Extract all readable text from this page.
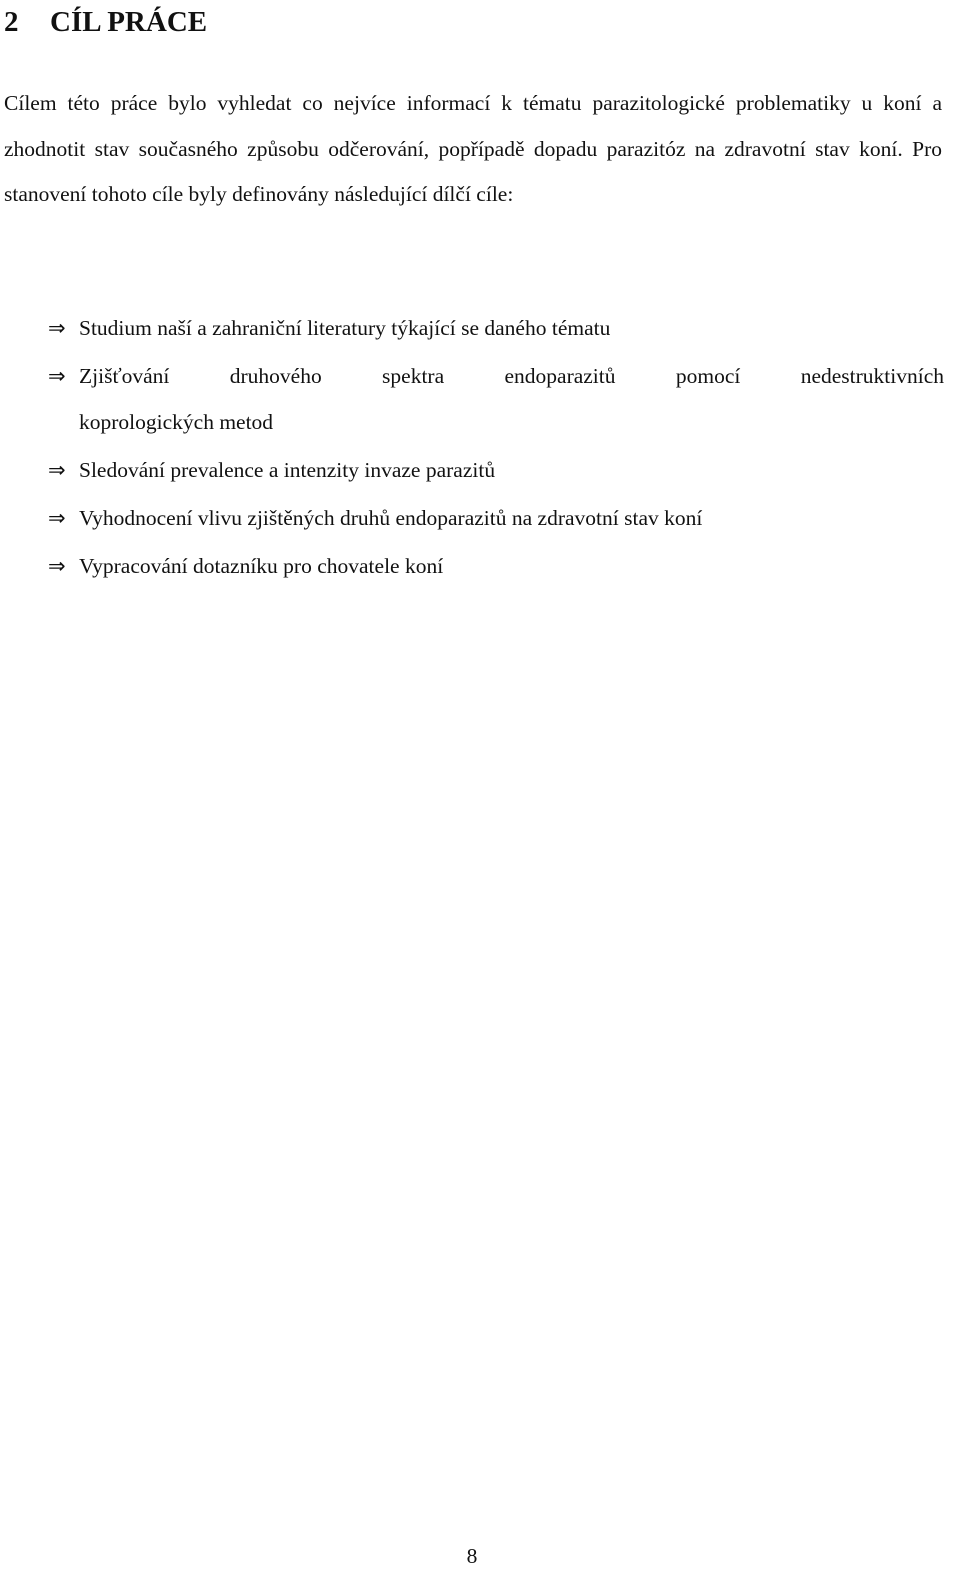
2 CÍL PRÁCE

Cílem této práce bylo vyhledat co nejvíce informací k tématu parazitologické problematiky u koní a zhodnotit stav současného způsobu odčerování, popřípadě dopadu parazitóz na zdravotní stav koní. Pro stanovení tohoto cíle byly definovány následující dílčí cíle:

⇒ Studium naší a zahraniční literatury týkající se daného tématu
⇒ Zjišťování druhového spektra endoparazitů pomocí nedestruktivních
koprologických metod
⇒ Sledování prevalence a intenzity invaze parazitů
⇒ Vyhodnocení vlivu zjištěných druhů endoparazitů na zdravotní stav koní
⇒ Vypracování dotazníku pro chovatele koní
8
